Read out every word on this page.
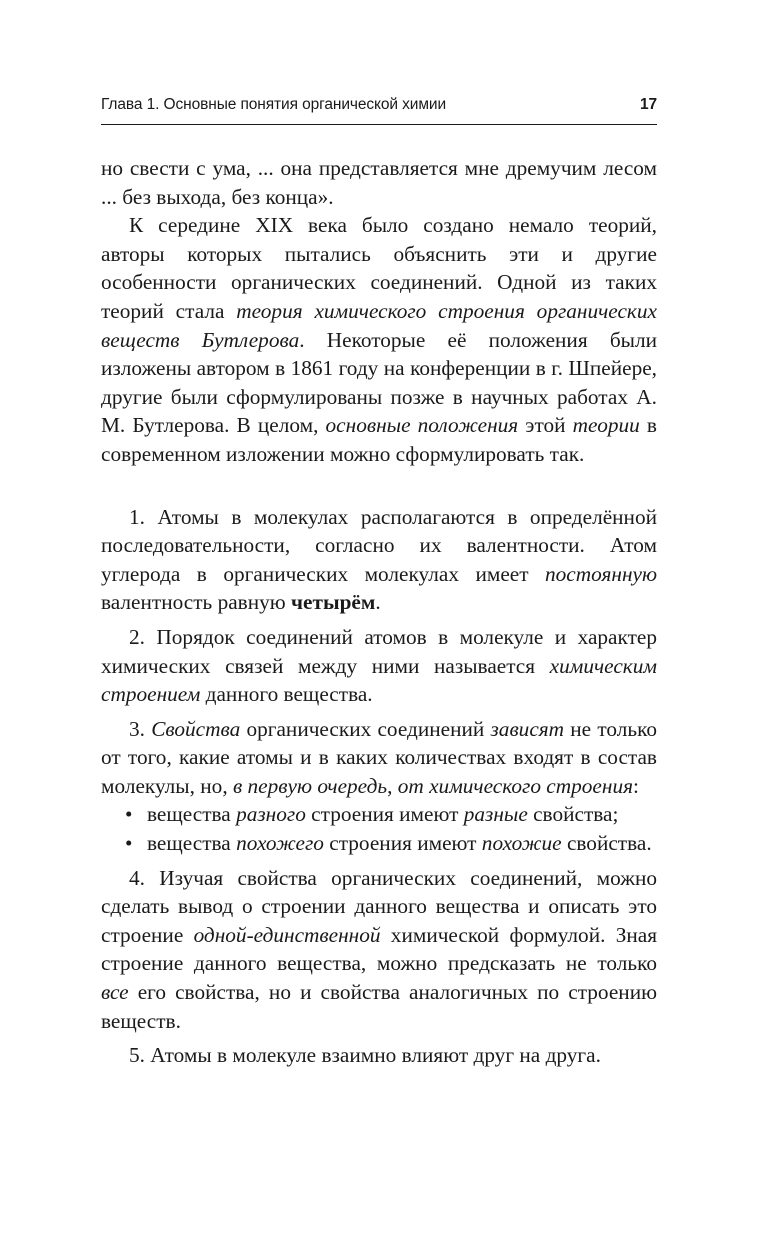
Глава 1. Основные понятия органической химии	17

но свести с ума, ... она представляется мне дремучим лесом ... без выхода, без конца».

К середине XIX века было создано немало теорий, авторы которых пытались объяснить эти и другие особенности органических соединений. Одной из таких теорий стала теория химического строения органических веществ Бутлерова. Некоторые её положения были изложены автором в 1861 году на конференции в г. Шпейере, другие были сформулированы позже в научных работах А. М. Бутлерова. В целом, основные положения этой теории в современном изложении можно сформулировать так.

1. Атомы в молекулах располагаются в определённой последовательности, согласно их валентности. Атом углерода в органических молекулах имеет постоянную валентность равную четырём.

2. Порядок соединений атомов в молекуле и характер химических связей между ними называется химическим строением данного вещества.

3. Свойства органических соединений зависят не только от того, какие атомы и в каких количествах входят в состав молекулы, но, в первую очередь, от химического строения:

• вещества разного строения имеют разные свойства;
• вещества похожего строения имеют похожие свойства.

4. Изучая свойства органических соединений, можно сделать вывод о строении данного вещества и описать это строение одной-единственной химической формулой. Зная строение данного вещества, можно предсказать не только все его свойства, но и свойства аналогичных по строению веществ.

5. Атомы в молекуле взаимно влияют друг на друга.
